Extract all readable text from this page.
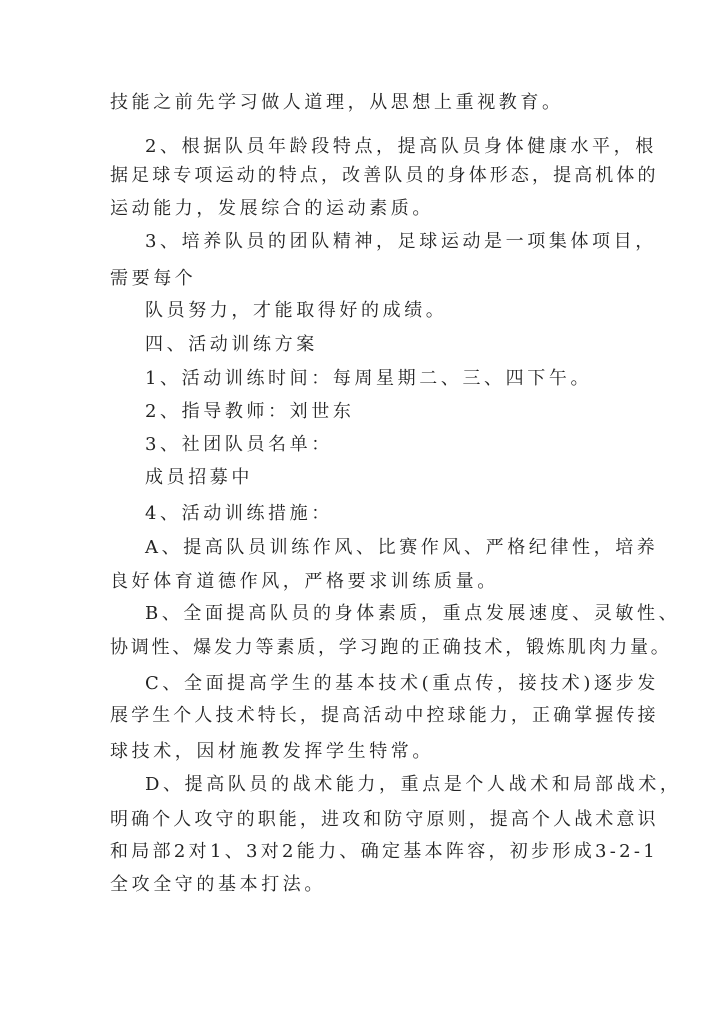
技能之前先学习做人道理，从思想上重视教育。
2、根据队员年龄段特点，提高队员身体健康水平，根
据足球专项运动的特点，改善队员的身体形态，提高机体的
运动能力，发展综合的运动素质。
3、培养队员的团队精神，足球运动是一项集体项目，
需要每个
队员努力，才能取得好的成绩。
四、活动训练方案
1、活动训练时间：每周星期二、三、四下午。
2、指导教师：刘世东
3、社团队员名单：
成员招募中
4、活动训练措施：
A、提高队员训练作风、比赛作风、严格纪律性，培养
良好体育道德作风，严格要求训练质量。
B、全面提高队员的身体素质，重点发展速度、灵敏性、
协调性、爆发力等素质，学习跑的正确技术，锻炼肌肉力量。
C、全面提高学生的基本技术(重点传，接技术)逐步发
展学生个人技术特长，提高活动中控球能力，正确掌握传接
球技术，因材施教发挥学生特常。
D、提高队员的战术能力，重点是个人战术和局部战术，
明确个人攻守的职能，进攻和防守原则，提高个人战术意识
和局部2对1、3对2能力、确定基本阵容，初步形成3-2-1
全攻全守的基本打法。
